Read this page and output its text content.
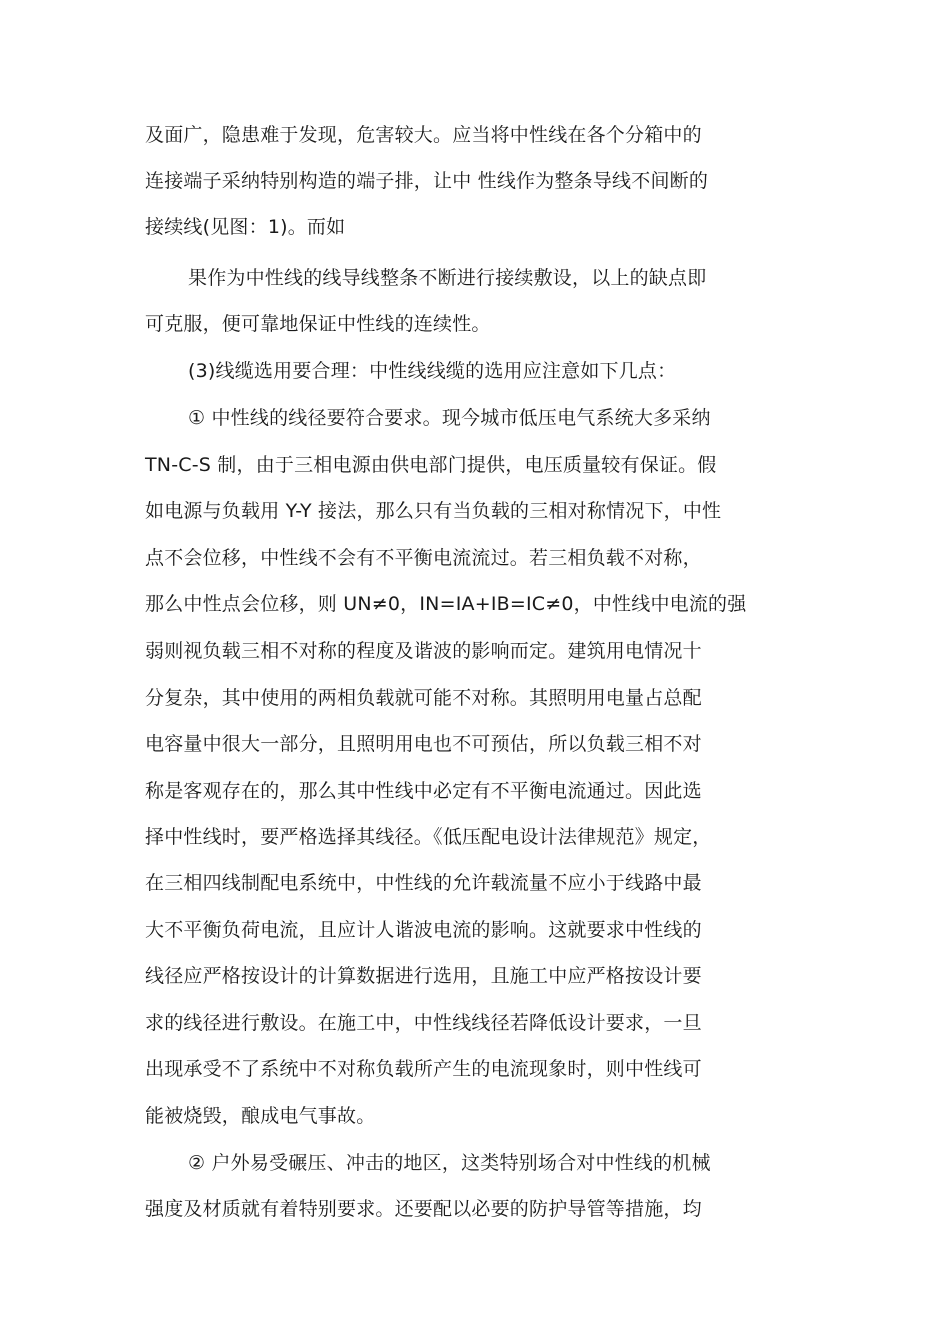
及面广，隐患难于发现，危害较大。应当将中性线在各个分箱中的
连接端子采纳特别构造的端子排，让中 性线作为整条导线不间断的
接续线(见图：1)。而如
果作为中性线的线导线整条不断进行接续敷设，以上的缺点即
可克服，便可靠地保证中性线的连续性。
(3)线缆选用要合理：中性线线缆的选用应注意如下几点：
① 中性线的线径要符合要求。现今城市低压电气系统大多采纳
TN-C-S 制，由于三相电源由供电部门提供，电压质量较有保证。假
如电源与负载用 Y-Y 接法，那么只有当负载的三相对称情况下，中性
点不会位移，中性线不会有不平衡电流流过。若三相负载不对称，
那么中性点会位移，则 UN≠0，IN=IA+IB=IC≠0，中性线中电流的强
弱则视负载三相不对称的程度及谐波的影响而定。建筑用电情况十
分复杂，其中使用的两相负载就可能不对称。其照明用电量占总配
电容量中很大一部分，且照明用电也不可预估，所以负载三相不对
称是客观存在的，那么其中性线中必定有不平衡电流通过。因此选
择中性线时，要严格选择其线径。《低压配电设计法律规范》规定，
在三相四线制配电系统中，中性线的允许载流量不应小于线路中最
大不平衡负荷电流，且应计人谐波电流的影响。这就要求中性线的
线径应严格按设计的计算数据进行选用，且施工中应严格按设计要
求的线径进行敷设。在施工中，中性线线径若降低设计要求，一旦
出现承受不了系统中不对称负载所产生的电流现象时，则中性线可
能被烧毁，酿成电气事故。
② 户外易受碾压、冲击的地区，这类特别场合对中性线的机械
强度及材质就有着特别要求。还要配以必要的防护导管等措施，均
